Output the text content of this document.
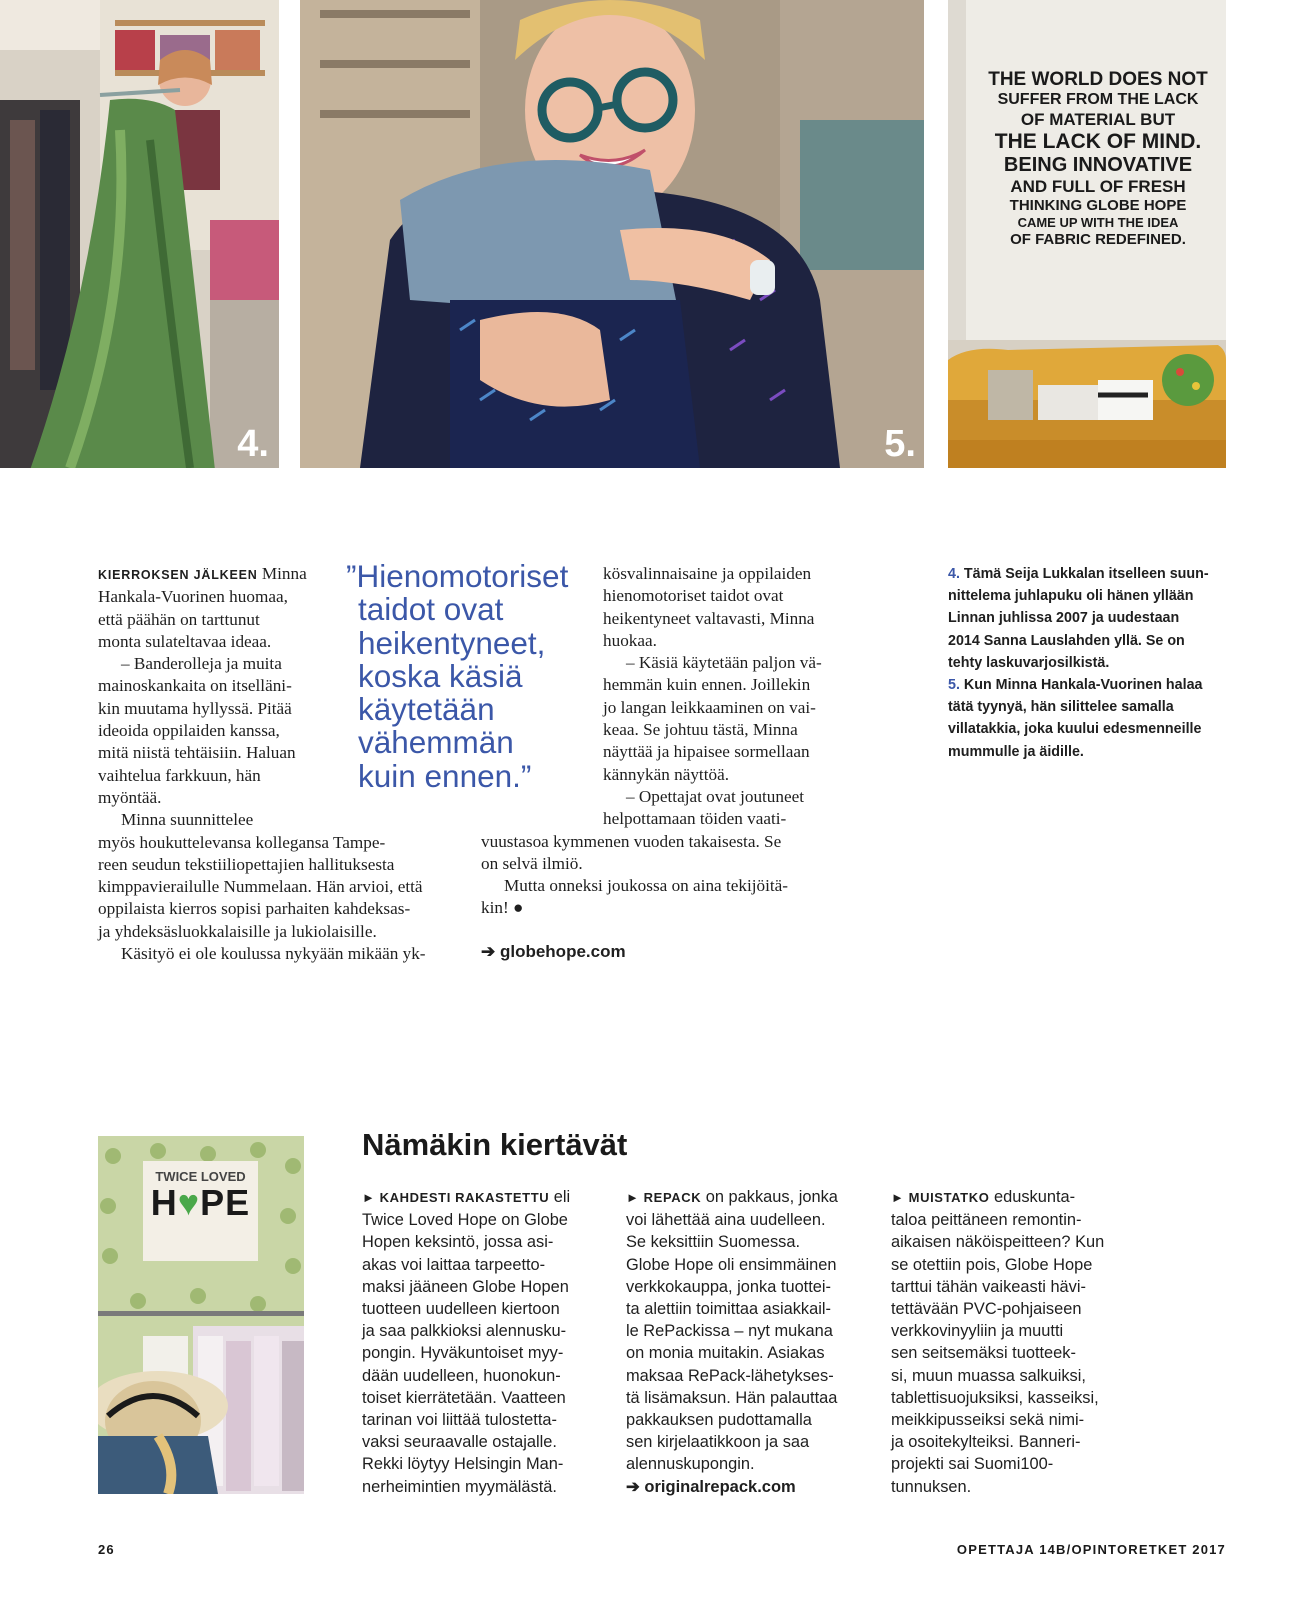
4.	5.
THE WORLD DOES NOT
SUFFER FROM THE LACK
OF MATERIAL BUT
THE LACK OF MIND.
BEING INNOVATIVE
AND FULL OF FRESH
THINKING GLOBE HOPE
CAME UP WITH THE IDEA
OF FABRIC REDEFINED.

KIERROKSEN JÄLKEEN Minna

Hankala-Vuorinen huomaa,

että päähän on tarttunut

monta sulateltavaa ideaa.

– Banderolleja ja muita

mainoskankaita on itselläni-

kin muutama hyllyssä. Pitää

ideoida oppilaiden kanssa,

mitä niistä tehtäisiin. Haluan

vaihtelua farkkuun, hän

myöntää.

Minna suunnittelee

myös houkuttelevansa kollegansa Tampe-

reen seudun tekstiiliopettajien hallituksesta

kimppavierailulle Nummelaan. Hän arvioi, että

oppilaista kierros sopisi parhaiten kahdeksas-

ja yhdeksäsluokkalaisille ja lukiolaisille.

Käsityö ei ole koulussa nykyään mikään yk-

”Hienomotoriset
taidot ovat
heikentyneet,
koska käsiä
käytetään
vähemmän
kuin ennen.”

kösvalinnaisaine ja oppilaiden

hienomotoriset taidot ovat

heikentyneet valtavasti, Minna

huokaa.

– Käsiä käytetään paljon vä-

hemmän kuin ennen. Joillekin

jo langan leikkaaminen on vai-

keaa. Se johtuu tästä, Minna

näyttää ja hipaisee sormellaan

kännykän näyttöä.

– Opettajat ovat joutuneet

helpottamaan töiden vaati-

vuustasoa kymmenen vuoden takaisesta. Se

on selvä ilmiö.

Mutta onneksi joukossa on aina tekijöitä-

kin! ●

➔ globehope.com

4. Tämä Seija Lukkalan itselleen suun-

nittelema juhlapuku oli hänen yllään

Linnan juhlissa 2007 ja uudestaan

2014 Sanna Lauslahden yllä. Se on

tehty laskuvarjosilkistä.

5. Kun Minna Hankala-Vuorinen halaa

tätä tyynyä, hän silittelee samalla

villatakkia, joka kuului edesmenneille

mummulle ja äidille.

TWICE LOVED
H♥PE
Nämäkin kiertävät

► KAHDESTI RAKASTETTU eli

Twice Loved Hope on Globe

Hopen keksintö, jossa asi-

akas voi laittaa tarpeetto-

maksi jääneen Globe Hopen

tuotteen uudelleen kiertoon

ja saa palkkioksi alennusku-

pongin. Hyväkuntoiset myy-

dään uudelleen, huonokun-

toiset kierrätetään. Vaatteen

tarinan voi liittää tulostetta-

vaksi seuraavalle ostajalle.

Rekki löytyy Helsingin Man-

nerheimintien myymälästä.

► REPACK on pakkaus, jonka

voi lähettää aina uudelleen.

Se keksittiin Suomessa.

Globe Hope oli ensimmäinen

verkkokauppa, jonka tuottei-

ta alettiin toimittaa asiakkail-

le RePackissa – nyt mukana

on monia muitakin. Asiakas

maksaa RePack-lähetykses-

tä lisämaksun. Hän palauttaa

pakkauksen pudottamalla

sen kirjelaatikkoon ja saa

alennuskupongin.

➔ originalrepack.com

► MUISTATKO eduskunta-

taloa peittäneen remontin-

aikaisen näköispeitteen? Kun

se otettiin pois, Globe Hope

tarttui tähän vaikeasti hävi-

tettävään PVC-pohjaiseen

verkkovinyyliin ja muutti

sen seitsemäksi tuotteek-

si, muun muassa salkuiksi,

tablettisuojuksiksi, kasseiksi,

meikkipusseiksi sekä nimi-

ja osoitekylteiksi. Banneri-

projekti sai Suomi100-

tunnuksen.

26	OPETTAJA 14B/OPINTORETKET 2017
